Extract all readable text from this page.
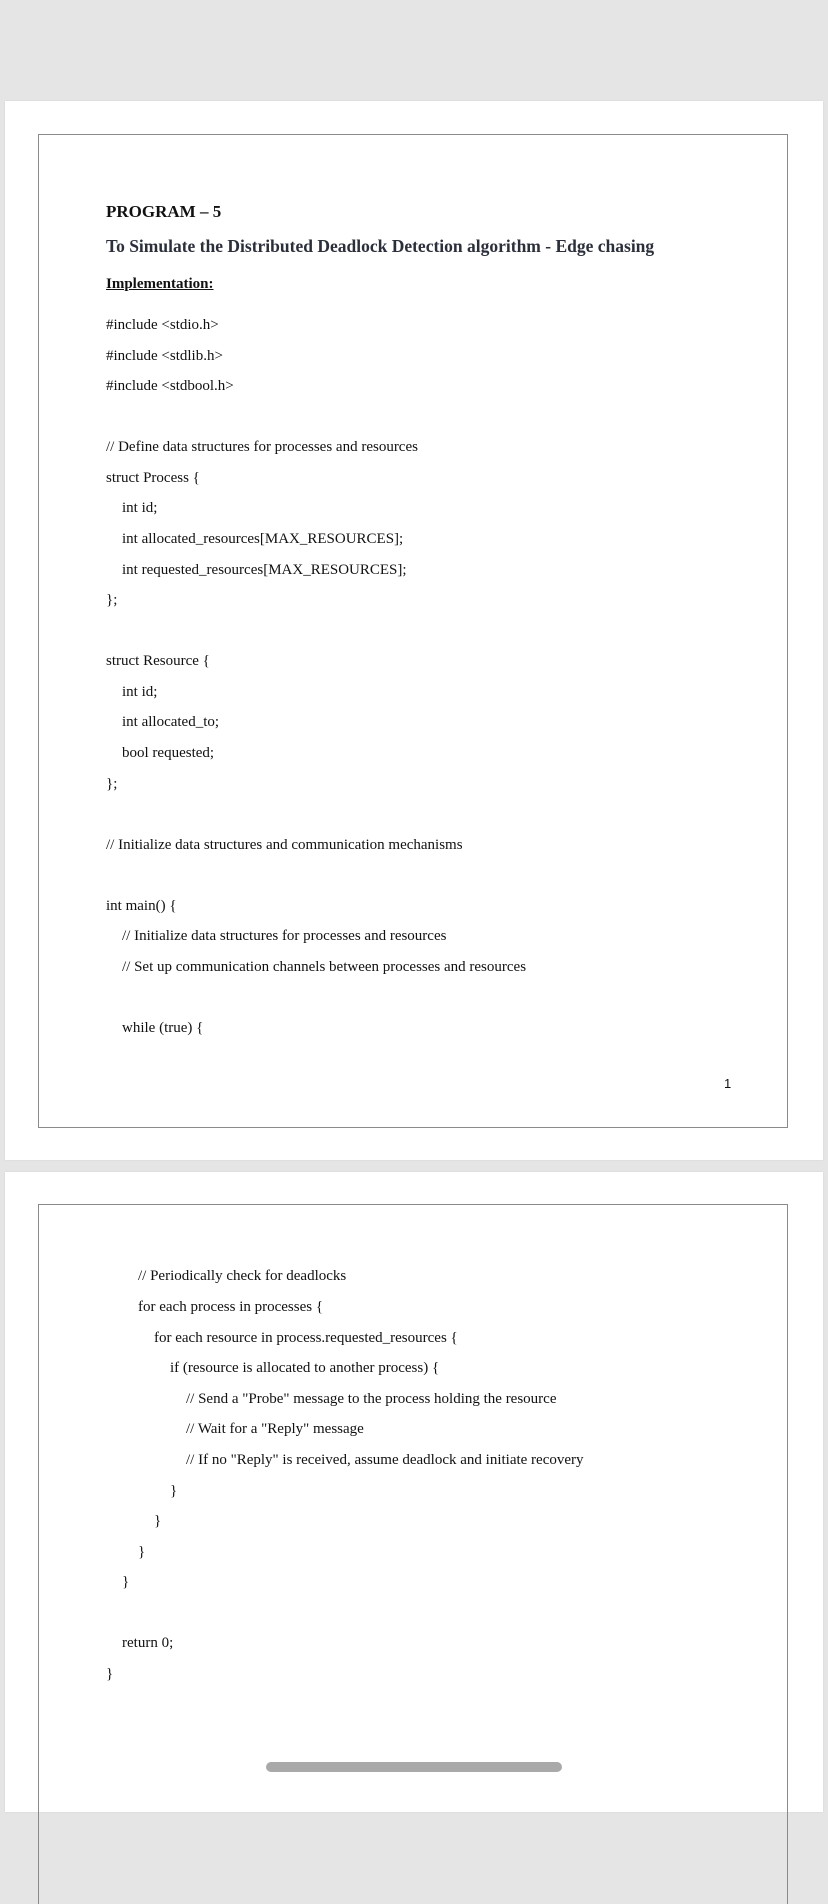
PROGRAM – 5
To Simulate the Distributed Deadlock Detection algorithm - Edge chasing
Implementation:
#include <stdio.h>
#include <stdlib.h>
#include <stdbool.h>
// Define data structures for processes and resources
struct Process {
int id;
int allocated_resources[MAX_RESOURCES];
int requested_resources[MAX_RESOURCES];
};
struct Resource {
int id;
int allocated_to;
bool requested;
};
// Initialize data structures and communication mechanisms
int main() {
// Initialize data structures for processes and resources
// Set up communication channels between processes and resources
while (true) {
1
// Periodically check for deadlocks
for each process in processes {
for each resource in process.requested_resources {
if (resource is allocated to another process) {
// Send a "Probe" message to the process holding the resource
// Wait for a "Reply" message
// If no "Reply" is received, assume deadlock and initiate recovery
}
}
}
}
return 0;
}
